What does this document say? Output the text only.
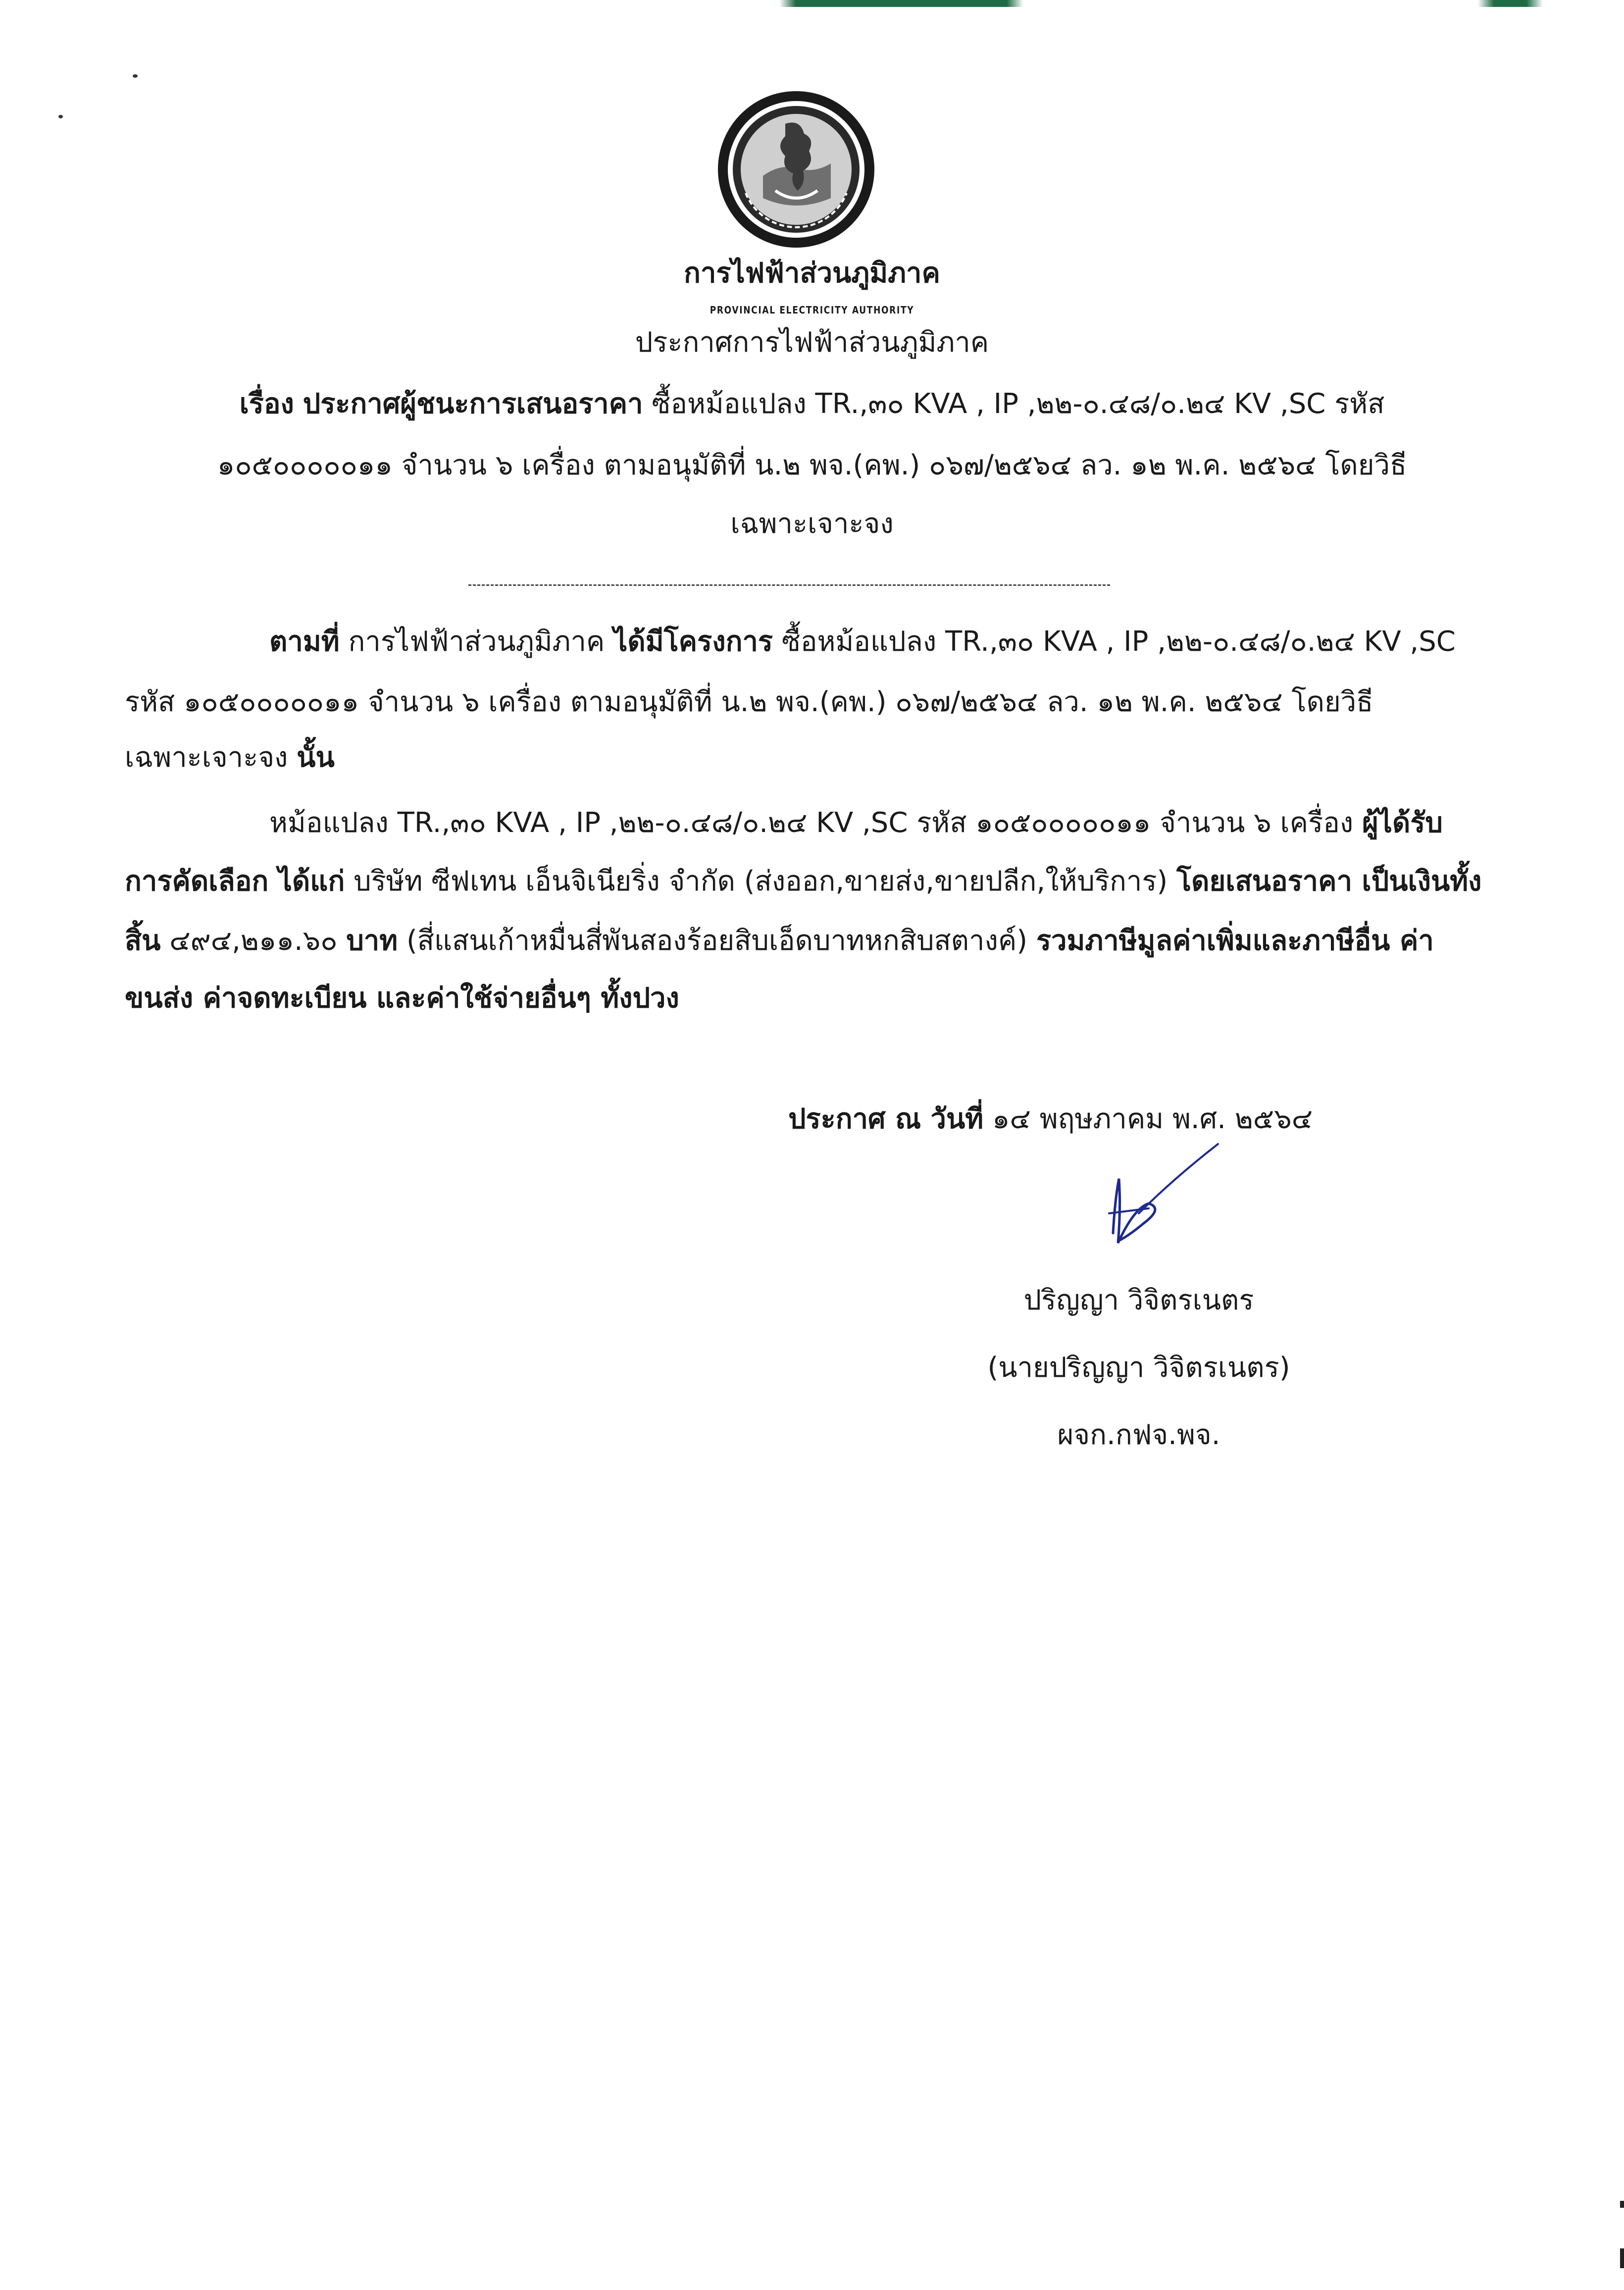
การไฟฟ้าส่วนภูมิภาค
PROVINCIAL ELECTRICITY AUTHORITY
ประกาศการไฟฟ้าส่วนภูมิภาค
เรื่อง ประกาศผู้ชนะการเสนอราคา ซื้อหม้อแปลง TR.,๓๐ KVA , IP ,๒๒-๐.๔๘/๐.๒๔ KV ,SC รหัส
๑๐๕๐๐๐๐๐๑๑ จำนวน ๖ เครื่อง ตามอนุมัติที่ น.๒ พจ.(คพ.) ๐๖๗/๒๕๖๔ ลว. ๑๒ พ.ค. ๒๕๖๔ โดยวิธี
เฉพาะเจาะจง
ตามที่ การไฟฟ้าส่วนภูมิภาค ได้มีโครงการ ซื้อหม้อแปลง TR.,๓๐ KVA , IP ,๒๒-๐.๔๘/๐.๒๔ KV ,SC
รหัส ๑๐๕๐๐๐๐๐๑๑ จำนวน ๖ เครื่อง ตามอนุมัติที่ น.๒ พจ.(คพ.) ๐๖๗/๒๕๖๔ ลว. ๑๒ พ.ค. ๒๕๖๔ โดยวิธี
เฉพาะเจาะจง นั้น
หม้อแปลง TR.,๓๐ KVA , IP ,๒๒-๐.๔๘/๐.๒๔ KV ,SC รหัส ๑๐๕๐๐๐๐๐๑๑ จำนวน ๖ เครื่อง ผู้ได้รับ
การคัดเลือก ได้แก่ บริษัท ซีฟเทน เอ็นจิเนียริ่ง จำกัด (ส่งออก,ขายส่ง,ขายปลีก,ให้บริการ) โดยเสนอราคา เป็นเงินทั้ง
สิ้น ๔๙๔,๒๑๑.๖๐ บาท (สี่แสนเก้าหมื่นสี่พันสองร้อยสิบเอ็ดบาทหกสิบสตางค์) รวมภาษีมูลค่าเพิ่มและภาษีอื่น ค่า
ขนส่ง ค่าจดทะเบียน และค่าใช้จ่ายอื่นๆ ทั้งปวง
ประกาศ ณ วันที่ ๑๔ พฤษภาคม พ.ศ. ๒๕๖๔
ปริญญา วิจิตรเนตร
(นายปริญญา วิจิตรเนตร)
ผจก.กฟจ.พจ.
